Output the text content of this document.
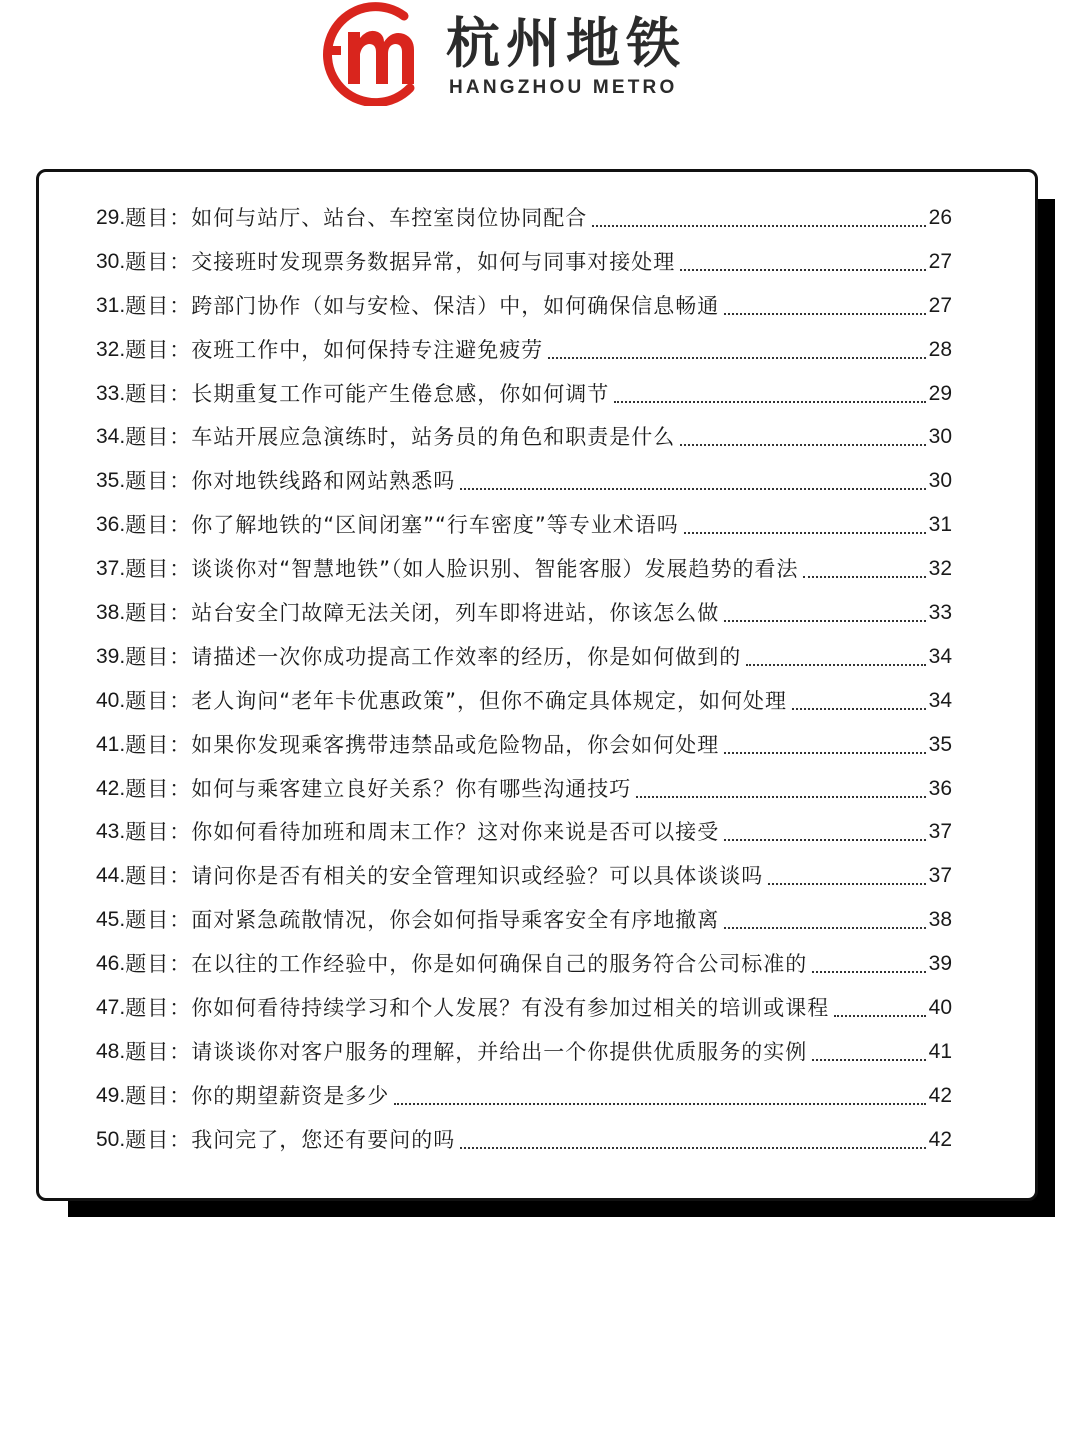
杭州地铁
HANGZHOU METRO
29. 题目： 如何与站厅、站台、车控室岗位协同配合	26
30. 题目： 交接班时发现票务数据异常，如何与同事对接处理	27
31. 题目： 跨部门协作（如与安检、保洁）中，如何确保信息畅通	27
32. 题目： 夜班工作中，如何保持专注避免疲劳	28
33. 题目： 长期重复工作可能产生倦怠感，你如何调节	29
34. 题目： 车站开展应急演练时，站务员的角色和职责是什么	30
35. 题目： 你对地铁线路和网站熟悉吗	30
36. 题目： 你了解地铁的“区间闭塞”“行车密度”等专业术语吗	31
37. 题目： 谈谈你对“智慧地铁”（如人脸识别、智能客服）发展趋势的看法	32
38. 题目： 站台安全门故障无法关闭，列车即将进站，你该怎么做	33
39. 题目： 请描述一次你成功提高工作效率的经历，你是如何做到的	34
40. 题目： 老人询问“老年卡优惠政策”，但你不确定具体规定，如何处理	34
41. 题目： 如果你发现乘客携带违禁品或危险物品，你会如何处理	35
42. 题目： 如何与乘客建立良好关系？你有哪些沟通技巧	36
43. 题目： 你如何看待加班和周末工作？这对你来说是否可以接受	37
44. 题目： 请问你是否有相关的安全管理知识或经验？可以具体谈谈吗	37
45. 题目： 面对紧急疏散情况，你会如何指导乘客安全有序地撤离	38
46. 题目： 在以往的工作经验中，你是如何确保自己的服务符合公司标准的	39
47. 题目： 你如何看待持续学习和个人发展？有没有参加过相关的培训或课程	40
48. 题目： 请谈谈你对客户服务的理解，并给出一个你提供优质服务的实例	41
49. 题目： 你的期望薪资是多少	42
50. 题目： 我问完了，您还有要问的吗	42
